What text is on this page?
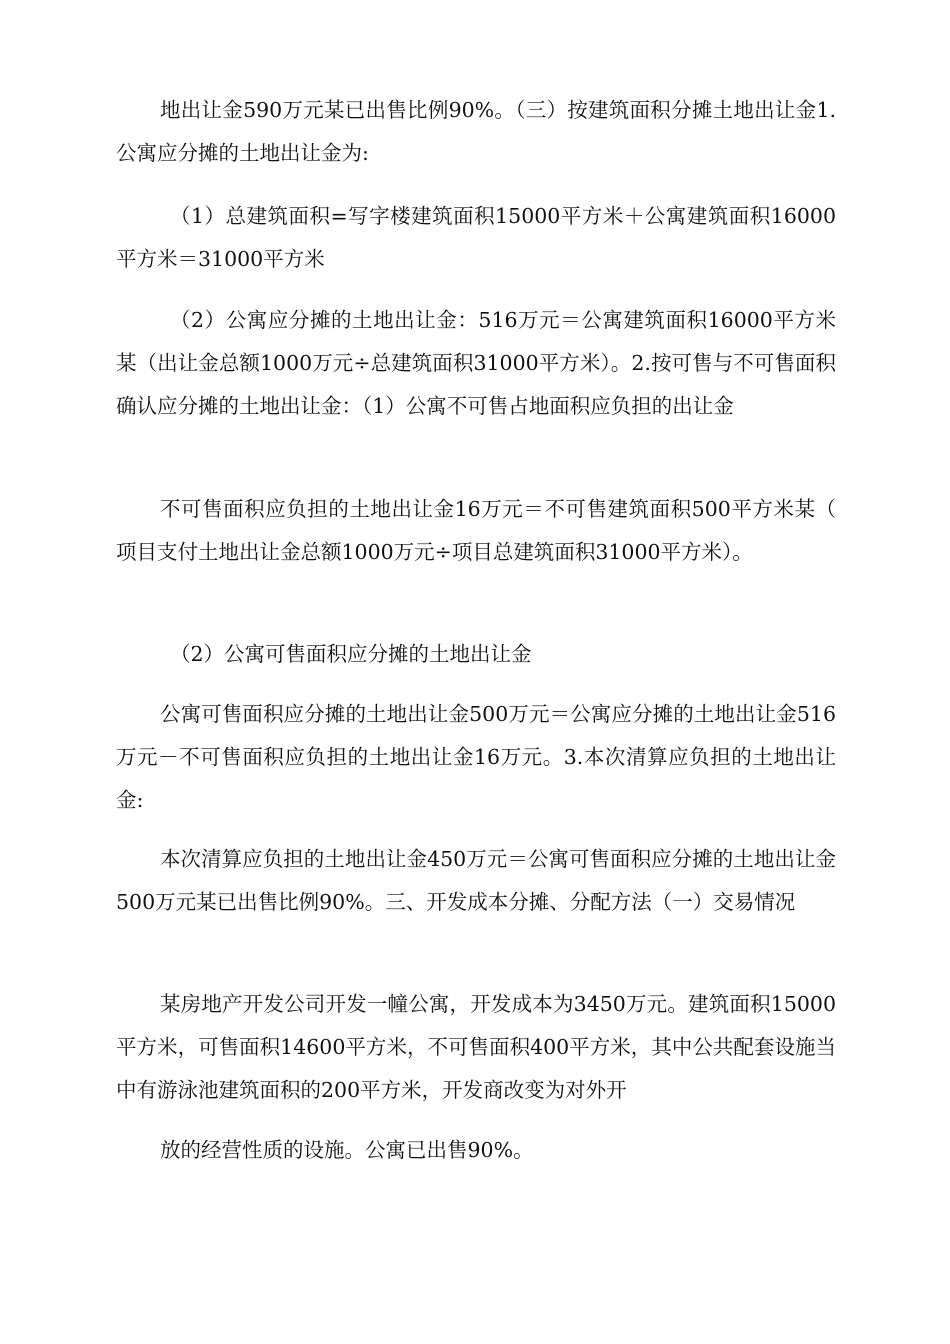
地出让金590万元某已出售比例90%。（三）按建筑面积分摊土地出让金1.公寓应分摊的土地出让金为:

（1）总建筑面积=写字楼建筑面积15000平方米＋公寓建筑面积16000平方米＝31000平方米

（2）公寓应分摊的土地出让金：516万元＝公寓建筑面积16000平方米某（出让金总额1000万元÷总建筑面积31000平方米）。2.按可售与不可售面积确认应分摊的土地出让金：（1）公寓不可售占地面积应负担的出让金

不可售面积应负担的土地出让金16万元＝不可售建筑面积500平方米某（项目支付土地出让金总额1000万元÷项目总建筑面积31000平方米）。

（2）公寓可售面积应分摊的土地出让金

公寓可售面积应分摊的土地出让金500万元＝公寓应分摊的土地出让金516万元－不可售面积应负担的土地出让金16万元。3.本次清算应负担的土地出让金:

本次清算应负担的土地出让金450万元＝公寓可售面积应分摊的土地出让金500万元某已出售比例90%。三、开发成本分摊、分配方法（一）交易情况

某房地产开发公司开发一幢公寓，开发成本为3450万元。建筑面积15000平方米，可售面积14600平方米，不可售面积400平方米，其中公共配套设施当中有游泳池建筑面积的200平方米，开发商改变为对外开

放的经营性质的设施。公寓已出售90%。
